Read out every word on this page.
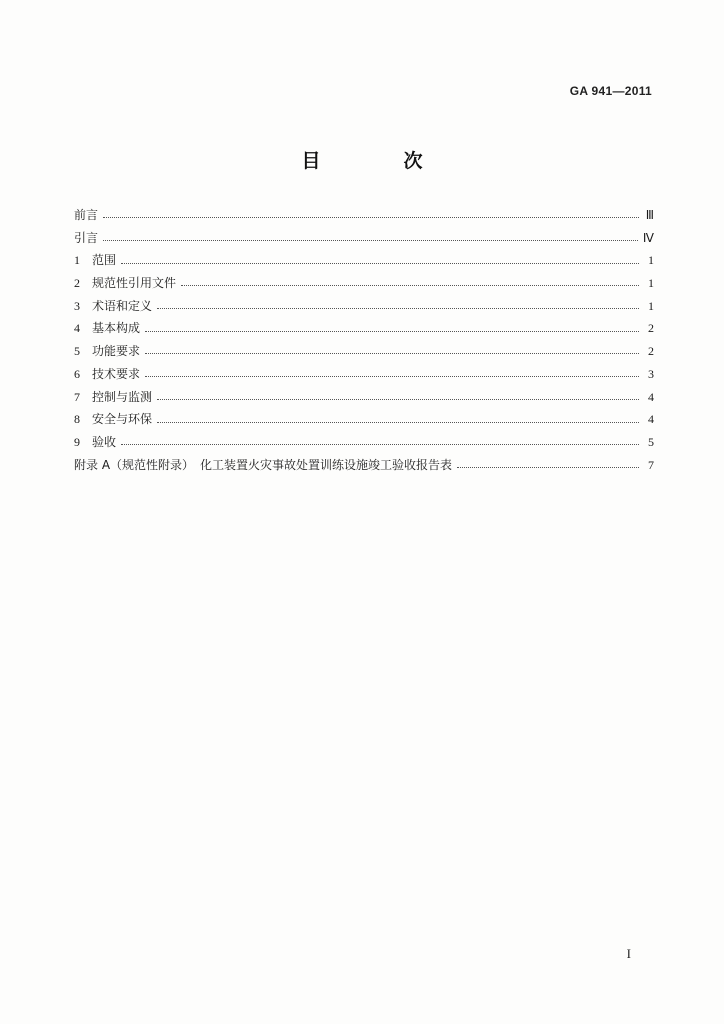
GA 941—2011
目　次
前言	Ⅲ
引言	Ⅳ
1 范围	1
2 规范性引用文件	1
3 术语和定义	1
4 基本构成	2
5 功能要求	2
6 技术要求	3
7 控制与监测	4
8 安全与环保	4
9 验收	5
附录 A（规范性附录）　化工装置火灾事故处置训练设施竣工验收报告表	7
I
